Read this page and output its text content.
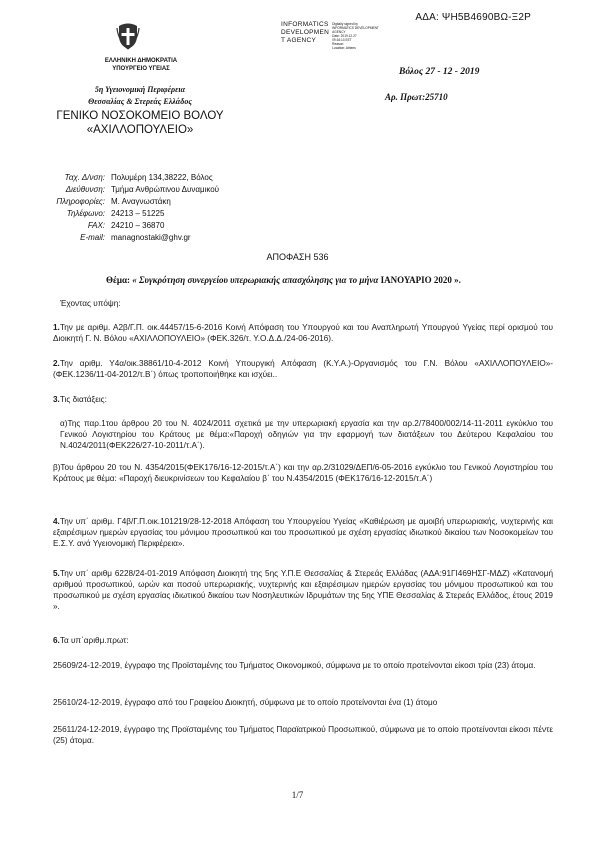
ΑΔΑ: ΨΗ5Β4690ΒΩ-Ξ2Ρ
INFORMATICS
DEVELOPMEN
T AGENCY
Digitally signed by
INFORMATICS DEVELOPMENT
AGENCY
Date: 2019.12.27
09:16:13 EET
Reason:
Location: Athens
ΕΛΛΗΝΙΚΗ ΔΗΜΟΚΡΑΤΙΑ
ΥΠΟΥΡΓΕΙΟ ΥΓΕΙΑΣ
5η Υγειονομική Περιφέρεια
Θεσσαλίας & Στερεάς Ελλάδος
ΓΕΝΙΚΟ ΝΟΣΟΚΟΜΕΙΟ ΒΟΛΟΥ
«ΑΧΙΛΛΟΠΟΥΛΕΙΟ»
Ταχ. Δ/νση: Πολυμέρη 134,38222, Βόλος
Διεύθυνση: Τμήμα Ανθρώπινου Δυναμικού
Πληροφορίες: Μ. Αναγνωστάκη
Τηλέφωνο: 24213 – 51225
FAX: 24210 – 36870
E-mail: managnostaki@ghv.gr
Βόλος 27 - 12 - 2019
Αρ. Πρωτ:25710
ΑΠΟΦΑΣΗ 536
Θέμα: « Συγκρότηση συνεργείου υπερωριακής απασχόλησης για το μήνα ΙΑΝΟΥΑΡΙΟ 2020 ».
Έχοντας υπόψη:
1.Την με αριθμ. Α2β/Γ.Π. οικ.44457/15-6-2016 Κοινή Απόφαση του Υπουργού και του Αναπληρωτή Υπουργού Υγείας περί ορισμού του Διοικητή Γ. Ν. Βόλου «ΑΧΙΛΛΟΠΟΥΛΕΙΟ» (ΦΕΚ.326/τ. Υ.Ο.Δ.Δ./24-06-2016).
2.Την αριθμ. Υ4α/οικ.38861/10-4-2012 Κοινή Υπουργική Απόφαση (Κ.Υ.Α.)-Οργανισμός του Γ.Ν. Βόλου «ΑΧΙΛΛΟΠΟΥΛΕΙΟ»- (ΦΕΚ.1236/11-04-2012/τ.Β΄) όπως τροποποιήθηκε και ισχύει..
3.Τις διατάξεις:
α)Της παρ.1του άρθρου 20 του Ν. 4024/2011 σχετικά με την υπερωριακή εργασία και την αρ.2/78400/002/14-11-2011 εγκύκλιο του Γενικού Λογιστηρίου του Κράτους με θέμα:«Παροχή οδηγιών για την εφαρμογή των διατάξεων του Δεύτερου Κεφαλαίου του Ν.4024/2011(ΦΕΚ226/27-10-2011/τ.Α΄).
β)Του άρθρου 20 του Ν. 4354/2015(ΦΕΚ176/16-12-2015/τ.Α΄) και την αρ.2/31029/ΔΕΠ/6-05-2016 εγκύκλιο του Γενικού Λογιστηρίου του Κράτους με θέμα: «Παροχή διευκρινίσεων του Κεφαλαίου β΄ του Ν.4354/2015 (ΦΕΚ176/16-12-2015/τ.Α΄)
4.Την υπ΄ αριθμ. Γ4β/Γ.Π.οικ.101219/28-12-2018 Απόφαση του Υπουργείου Υγείας «Καθιέρωση με αμοιβή υπερωριακής, νυχτερινής και εξαιρέσιμων ημερών εργασίας του μόνιμου προσωπικού και του προσωπικού με σχέση εργασίας ιδιωτικού δικαίου των Νοσοκομείων του Ε.Σ.Υ. ανά Υγειονομική Περιφέρεια».
5.Την υπ΄ αριθμ 6228/24-01-2019 Απόφαση Διοικητή της 5ης Υ.Π.Ε Θεσσαλίας & Στερεάς Ελλάδας (ΑΔΑ:91ΓΙ469ΗΣΓ-ΜΔΖ) «Κατανομή αριθμού προσωπικού, ωρών και ποσού υπερωριακής, νυχτερινής και εξαιρέσιμων ημερών εργασίας του μόνιμου προσωπικού και του προσωπικού με σχέση εργασίας ιδιωτικού δικαίου των Νοσηλευτικών Ιδρυμάτων της 5ης ΥΠΕ Θεσσαλίας & Στερεάς Ελλάδος, έτους 2019 ».
6.Τα υπ΄αριθμ.πρωτ:
25609/24-12-2019, έγγραφο της Προϊσταμένης του Τμήματος Οικονομικού, σύμφωνα με το οποίο προτείνονται είκοσι τρία (23) άτομα.
25610/24-12-2019, έγγραφο από του Γραφείου Διοικητή, σύμφωνα με το οποίο προτείνονται ένα (1) άτομο
25611/24-12-2019, έγγραφο της Προϊσταμένης του Τμήματος Παραϊατρικού Προσωπικού, σύμφωνα με το οποίο προτείνονται είκοσι πέντε (25) άτομα.
1/7
